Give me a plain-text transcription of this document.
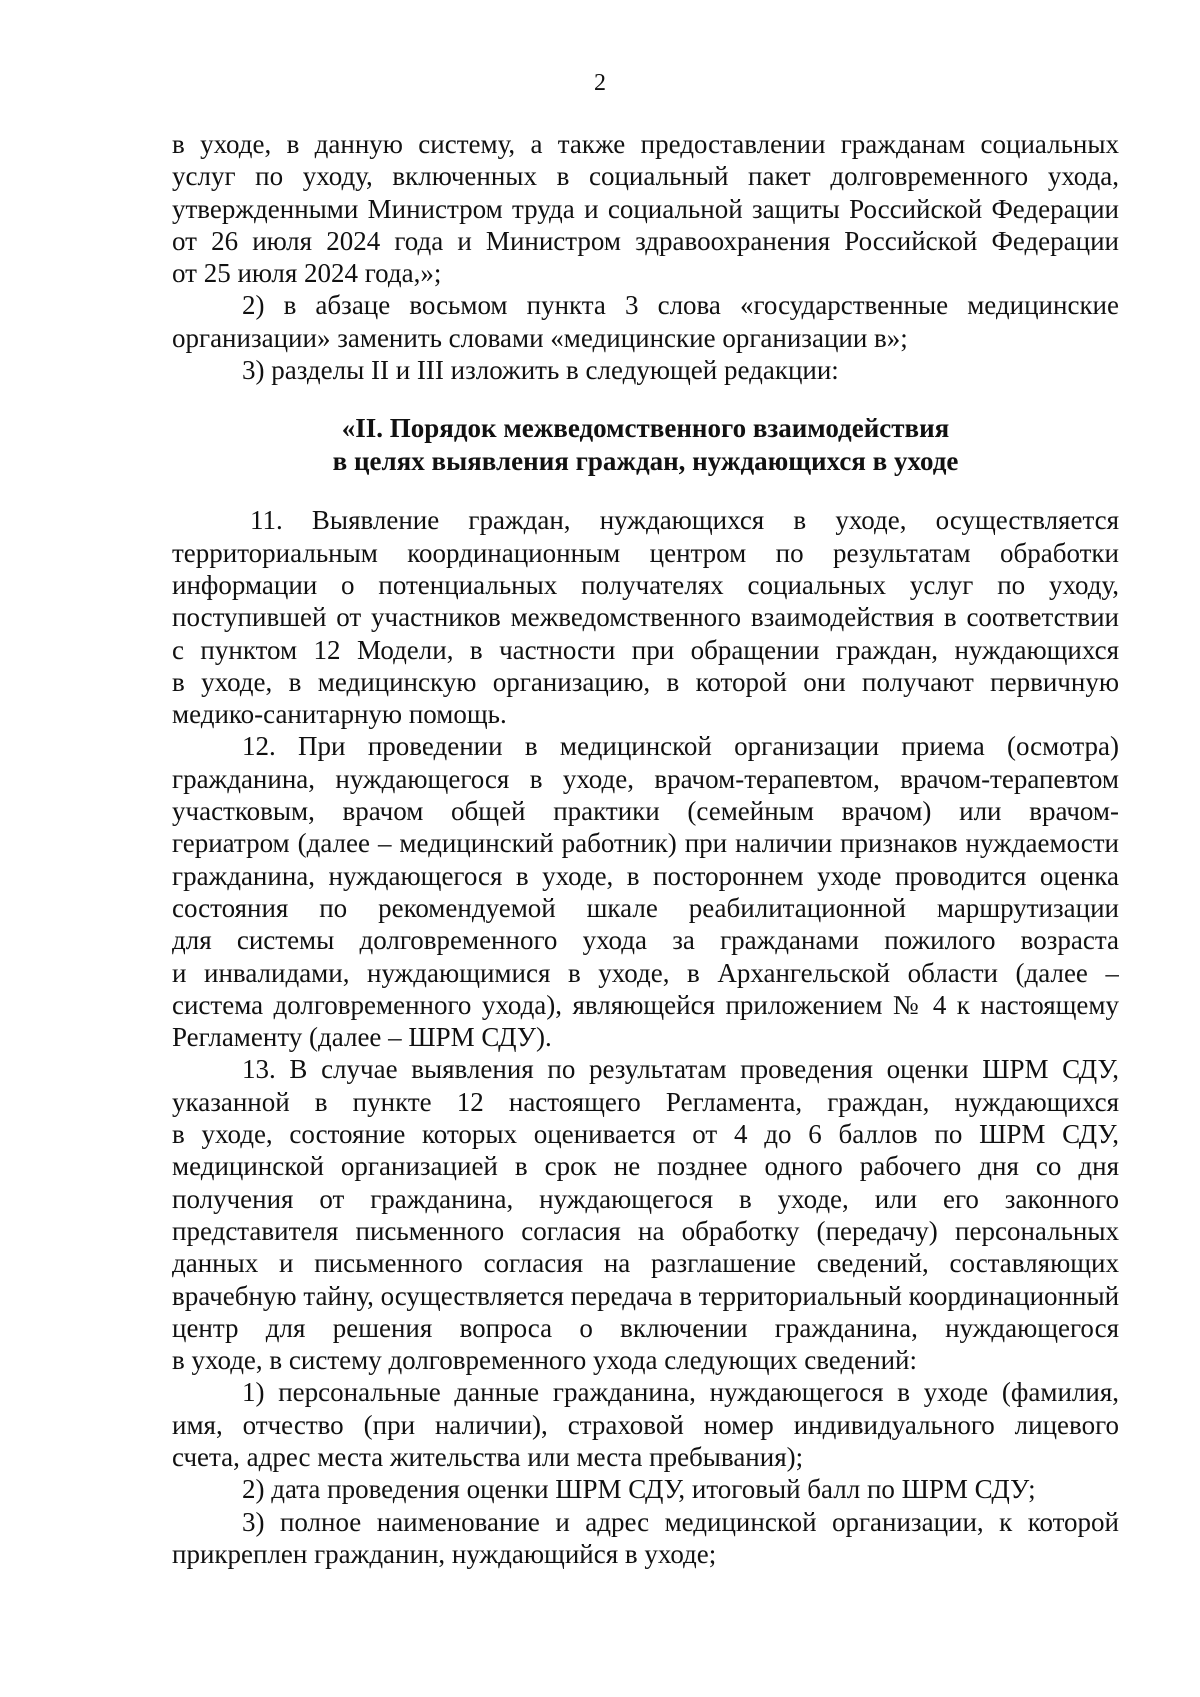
2
в уходе, в данную систему, а также предоставлении гражданам социальных
услуг по уходу, включенных в социальный пакет долговременного ухода,
утвержденными Министром труда и социальной защиты Российской Федерации
от 26 июля 2024 года и Министром здравоохранения Российской Федерации
от 25 июля 2024 года,»;
2) в абзаце восьмом пункта 3 слова «государственные медицинские
организации» заменить словами «медицинские организации в»;
3) разделы II и III изложить в следующей редакции:
«II. Порядок межведомственного взаимодействия
в целях выявления граждан, нуждающихся в уходе
11. Выявление граждан, нуждающихся в уходе, осуществляется
территориальным координационным центром по результатам обработки
информации о потенциальных получателях социальных услуг по уходу,
поступившей от участников межведомственного взаимодействия в соответствии
с пунктом 12 Модели, в частности при обращении граждан, нуждающихся
в уходе, в медицинскую организацию, в которой они получают первичную
медико-санитарную помощь.
12. При проведении в медицинской организации приема (осмотра)
гражданина, нуждающегося в уходе, врачом-терапевтом, врачом-терапевтом
участковым, врачом общей практики (семейным врачом) или врачом-
гериатром (далее – медицинский работник) при наличии признаков нуждаемости
гражданина, нуждающегося в уходе, в постороннем уходе проводится оценка
состояния по рекомендуемой шкале реабилитационной маршрутизации
для системы долговременного ухода за гражданами пожилого возраста
и инвалидами, нуждающимися в уходе, в Архангельской области (далее –
система долговременного ухода), являющейся приложением № 4 к настоящему
Регламенту (далее – ШРМ СДУ).
13. В случае выявления по результатам проведения оценки ШРМ СДУ,
указанной в пункте 12 настоящего Регламента, граждан, нуждающихся
в уходе, состояние которых оценивается от 4 до 6 баллов по ШРМ СДУ,
медицинской организацией в срок не позднее одного рабочего дня со дня
получения от гражданина, нуждающегося в уходе, или его законного
представителя письменного согласия на обработку (передачу) персональных
данных и письменного согласия на разглашение сведений, составляющих
врачебную тайну, осуществляется передача в территориальный координационный
центр для решения вопроса о включении гражданина, нуждающегося
в уходе, в систему долговременного ухода следующих сведений:
1) персональные данные гражданина, нуждающегося в уходе (фамилия,
имя, отчество (при наличии), страховой номер индивидуального лицевого
счета, адрес места жительства или места пребывания);
2) дата проведения оценки ШРМ СДУ, итоговый балл по ШРМ СДУ;
3) полное наименование и адрес медицинской организации, к которой
прикреплен гражданин, нуждающийся в уходе;
